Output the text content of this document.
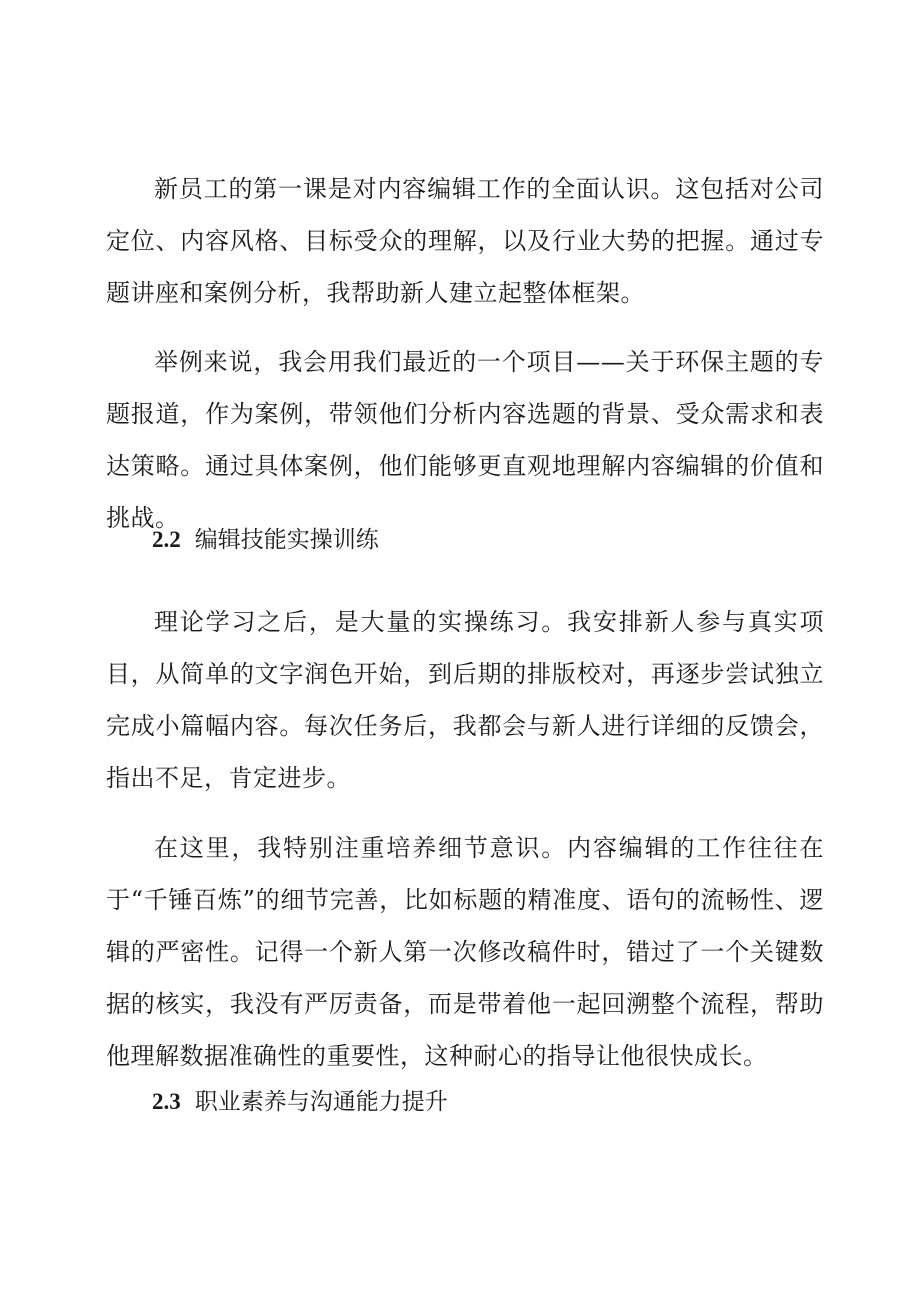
新员工的第一课是对内容编辑工作的全面认识。这包括对公司定位、内容风格、目标受众的理解，以及行业大势的把握。通过专题讲座和案例分析，我帮助新人建立起整体框架。

举例来说，我会用我们最近的一个项目——关于环保主题的专题报道，作为案例，带领他们分析内容选题的背景、受众需求和表达策略。通过具体案例，他们能够更直观地理解内容编辑的价值和挑战。

2.2 编辑技能实操训练

理论学习之后，是大量的实操练习。我安排新人参与真实项目，从简单的文字润色开始，到后期的排版校对，再逐步尝试独立完成小篇幅内容。每次任务后，我都会与新人进行详细的反馈会，指出不足，肯定进步。

在这里，我特别注重培养细节意识。内容编辑的工作往往在于“千锤百炼”的细节完善，比如标题的精准度、语句的流畅性、逻辑的严密性。记得一个新人第一次修改稿件时，错过了一个关键数据的核实，我没有严厉责备，而是带着他一起回溯整个流程，帮助他理解数据准确性的重要性，这种耐心的指导让他很快成长。

2.3 职业素养与沟通能力提升
